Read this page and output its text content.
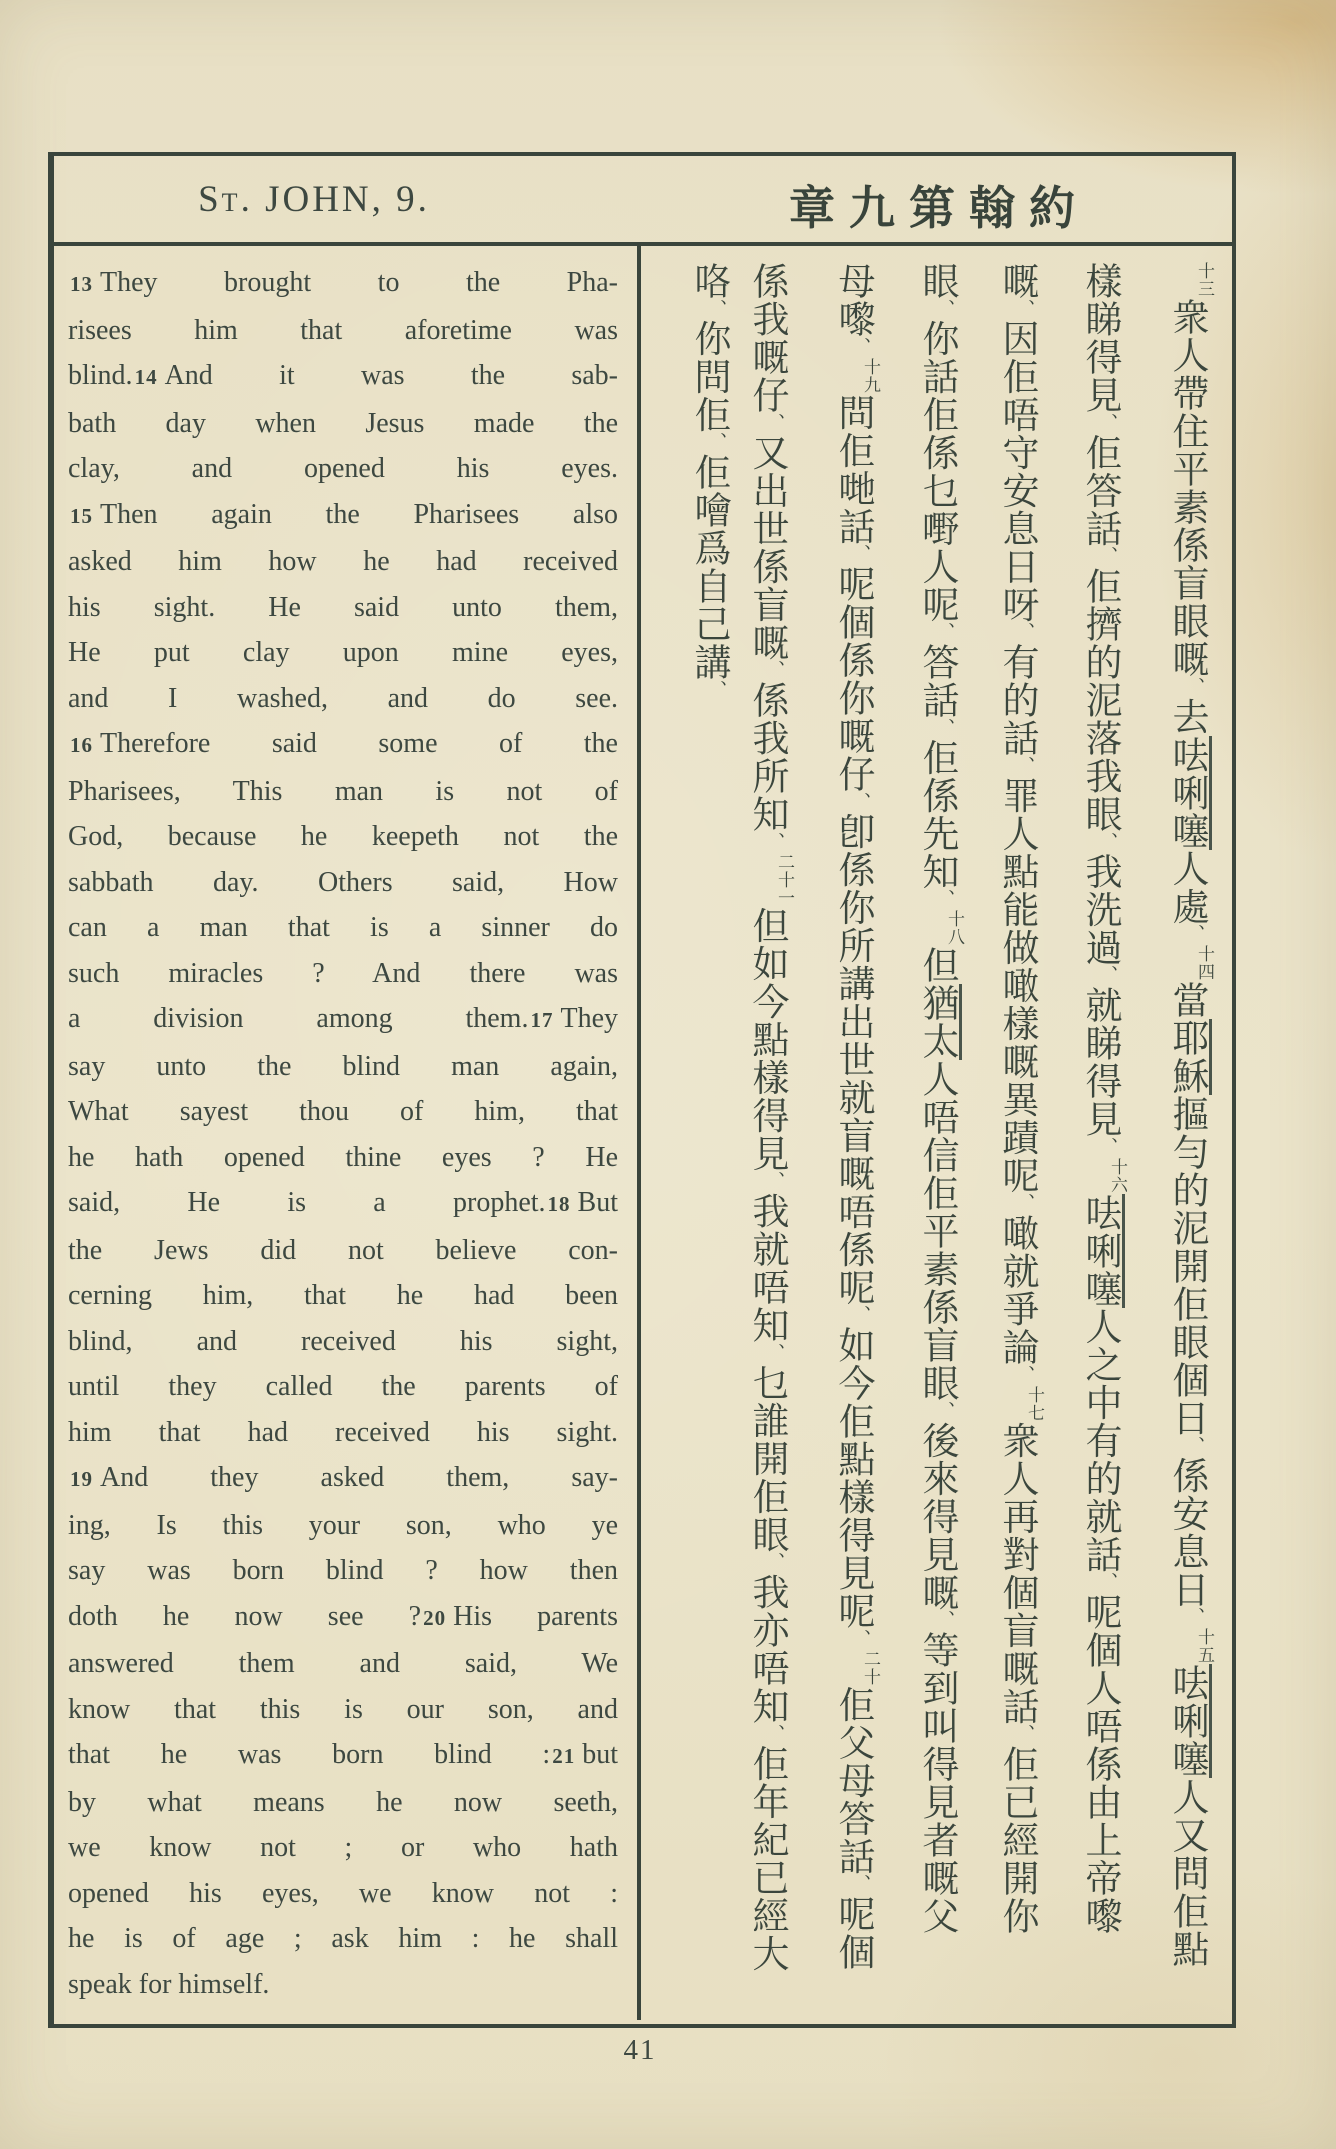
St. JOHN, 9.	章九第翰約
13 They brought to the Pha-
risees him that aforetime was
blind.14 And it was the sab-
bath day when Jesus made the
clay, and opened his eyes.
15 Then again the Pharisees also
asked him how he had received
his sight. He said unto them,
He put clay upon mine eyes,
and I washed, and do see.
16 Therefore said some of the
Pharisees, This man is not of
God, because he keepeth not the
sabbath day. Others said, How
can a man that is a sinner do
such miracles ? And there was
a division among them.17 They
say unto the blind man again,
What sayest thou of him, that
he hath opened thine eyes ? He
said, He is a prophet.18 But
the Jews did not believe con-
cerning him, that he had been
blind, and received his sight,
until they called the parents of
him that had received his sight.
19 And they asked them, say-
ing, Is this your son, who ye
say was born blind ? how then
doth he now see ?20 His parents
answered them and said, We
know that this is our son, and
that he was born blind :21 but
by what means he now seeth,
we know not ; or who hath
opened his eyes, we know not :
he is of age ; ask him : he shall
speak for himself.
十三衆人帶住平素係盲眼嘅、去呿唎噻人處、十四當耶穌摳勻的泥開佢眼個日、係安息日、十五呿唎噻人又問佢點
樣睇得見、佢答話、佢擠的泥落我眼、我洗過、就睇得見、十六呿唎噻人之中有的就話、呢個人唔係由上帝嚟
嘅、因佢唔守安息日呀、有的話、罪人點能做噉樣嘅異蹟呢、噉就爭論、十七衆人再對個盲嘅話、佢已經開你
眼、你話佢係乜嘢人呢、答話、佢係先知、十八但猶太人唔信佢平素係盲眼、後來得見嘅、等到叫得見者嘅父
母嚟、十九問佢哋話、呢個係你嘅仔、卽係你所講出世就盲嘅唔係呢、如今佢點樣得見呢、二十佢父母答話、呢個
係我嘅仔、又出世係盲嘅、係我所知、二十一但如今點樣得見、我就唔知、乜誰開佢眼、我亦唔知、佢年紀已經大
咯、你問佢、佢噲爲自己講、
41
